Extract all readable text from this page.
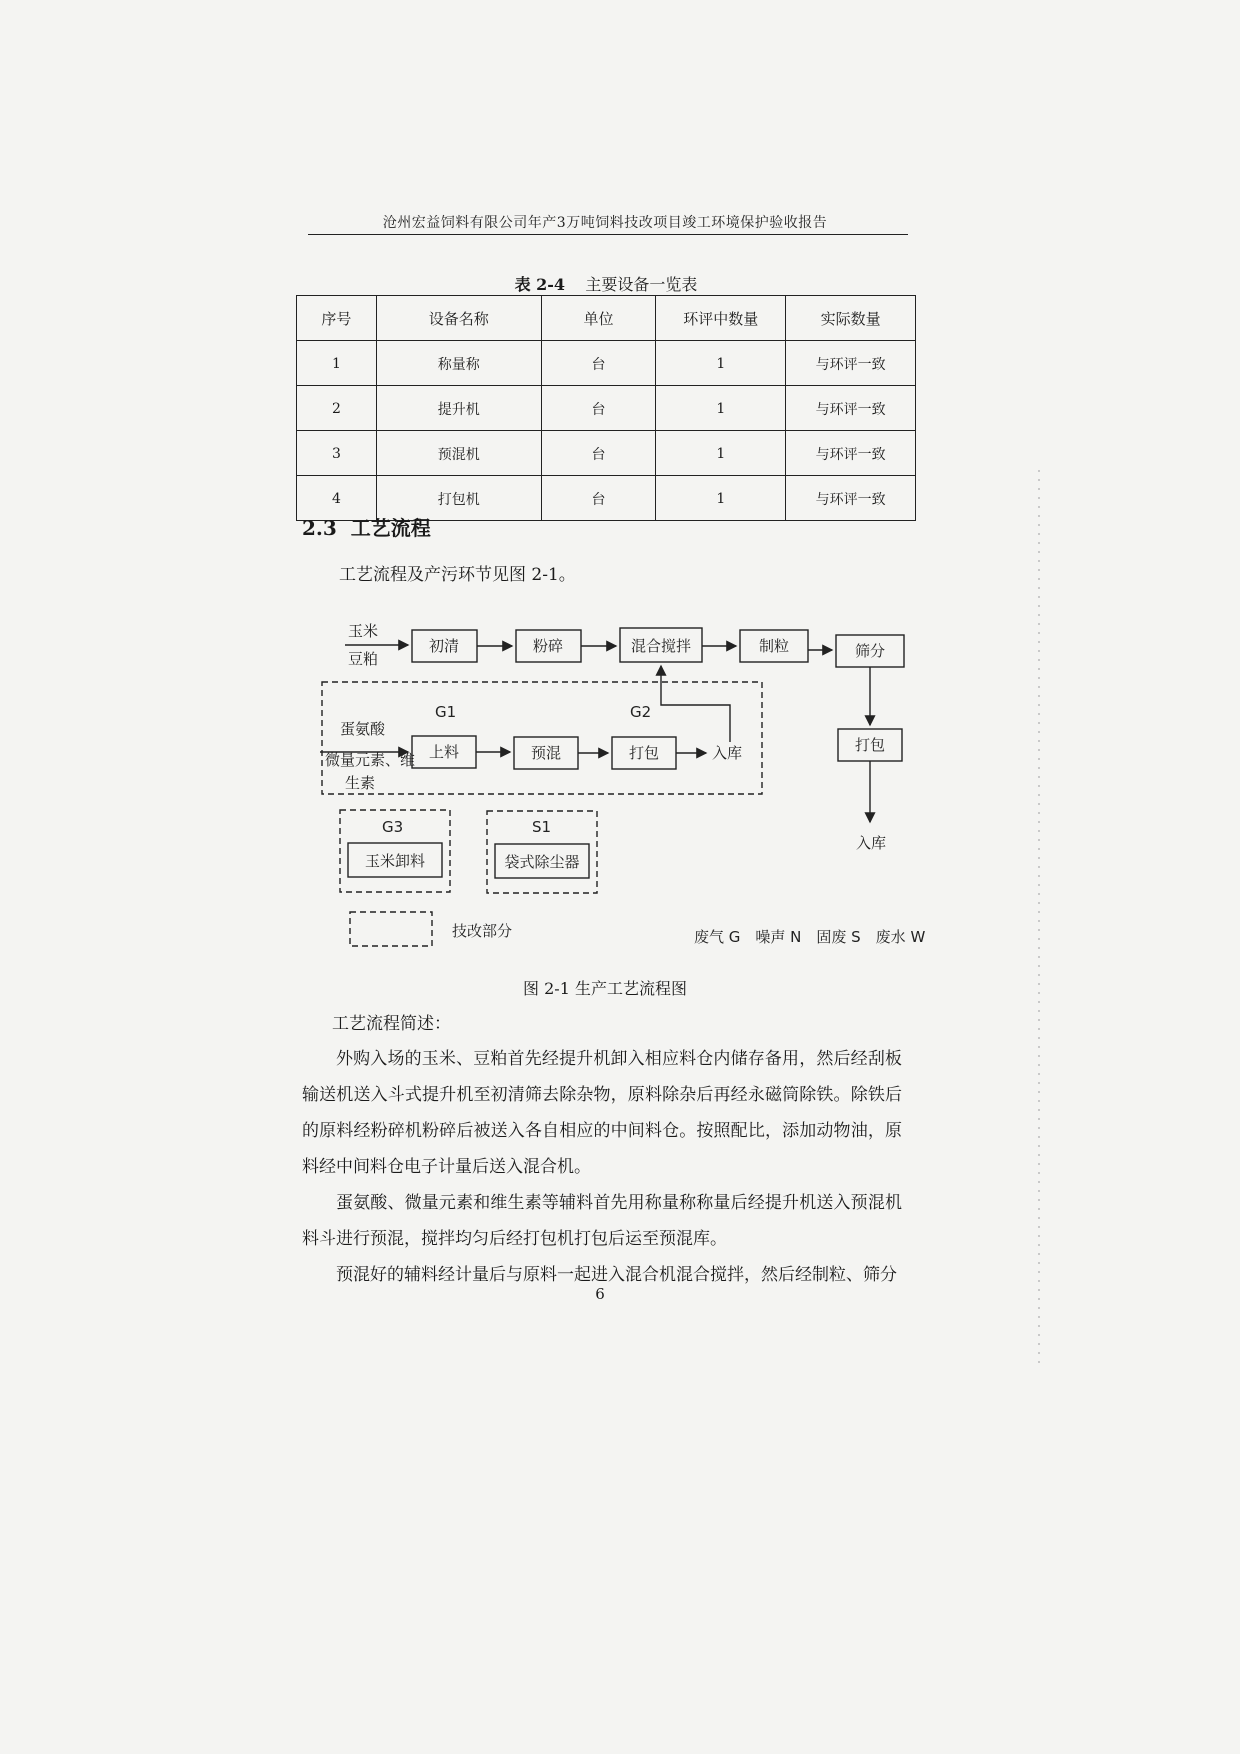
沧州宏益饲料有限公司年产3万吨饲料技改项目竣工环境保护验收报告
表 2-4 主要设备一览表
序号	设备名称	单位	环评中数量	实际数量
1	称量称	台	1	与环评一致
2	提升机	台	1	与环评一致
3	预混机	台	1	与环评一致
4	打包机	台	1	与环评一致
2.3 工艺流程
工艺流程及产污环节见图 2-1。
玉米
豆粕
初清	粉碎	混合搅拌	制粒	筛分
打包
入库
蛋氨酸
微量元素、维
生素
G1	G2
上料	预混	打包	入库
G3
玉米卸料
S1
袋式除尘器
技改部分	废气 G　噪声 N　固废 S　废水 W
图 2-1 生产工艺流程图
工艺流程简述：

外购入场的玉米、豆粕首先经提升机卸入相应料仓内储存备用，然后经刮板输送机送入斗式提升机至初清筛去除杂物，原料除杂后再经永磁筒除铁。除铁后的原料经粉碎机粉碎后被送入各自相应的中间料仓。按照配比，添加动物油，原料经中间料仓电子计量后送入混合机。

蛋氨酸、微量元素和维生素等辅料首先用称量称称量后经提升机送入预混机料斗进行预混，搅拌均匀后经打包机打包后运至预混库。

预混好的辅料经计量后与原料一起进入混合机混合搅拌，然后经制粒、筛分

6
